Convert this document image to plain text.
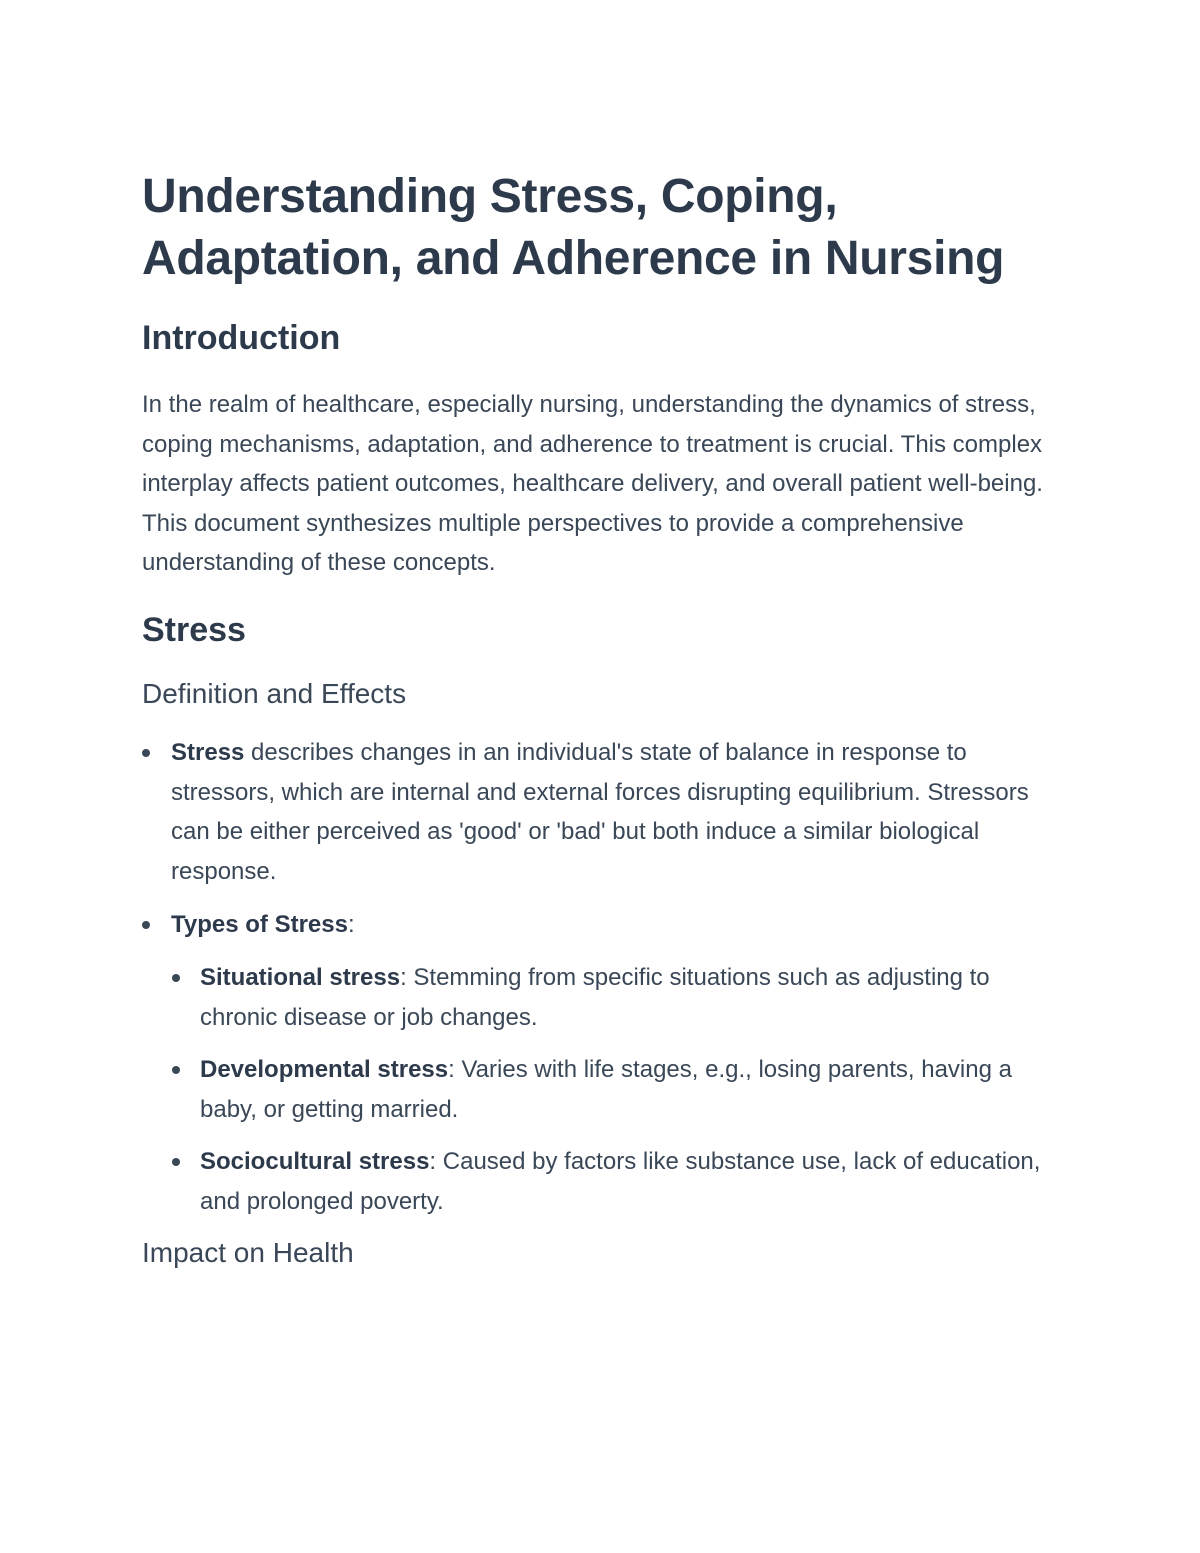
Understanding Stress, Coping, Adaptation, and Adherence in Nursing
Introduction

In the realm of healthcare, especially nursing, understanding the dynamics of stress, coping mechanisms, adaptation, and adherence to treatment is crucial. This complex interplay affects patient outcomes, healthcare delivery, and overall patient well-being. This document synthesizes multiple perspectives to provide a comprehensive understanding of these concepts.

Stress
Definition and Effects
Stress describes changes in an individual's state of balance in response to stressors, which are internal and external forces disrupting equilibrium. Stressors can be either perceived as 'good' or 'bad' but both induce a similar biological response.
Types of Stress:
Situational stress: Stemming from specific situations such as adjusting to chronic disease or job changes.
Developmental stress: Varies with life stages, e.g., losing parents, having a baby, or getting married.
Sociocultural stress: Caused by factors like substance use, lack of education, and prolonged poverty.
Impact on Health
